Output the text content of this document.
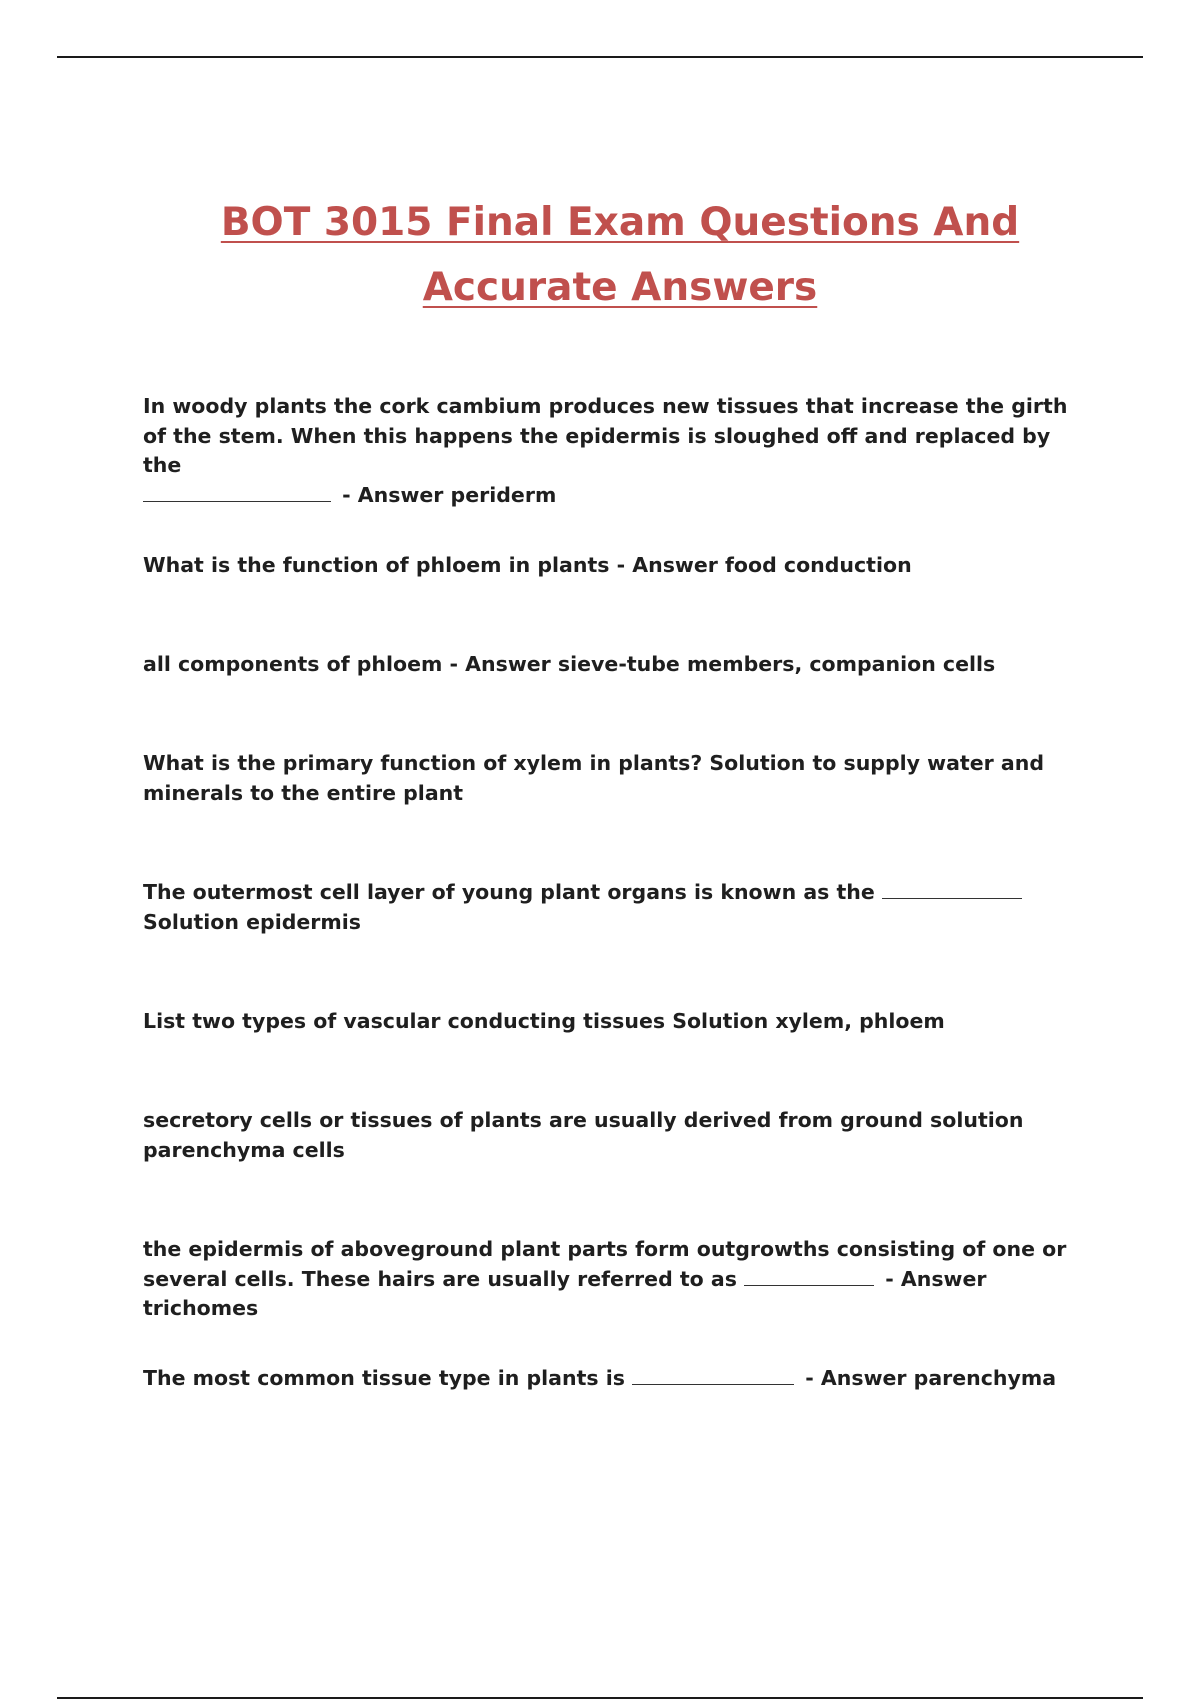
BOT 3015 Final Exam Questions And
Accurate Answers

In woody plants the cork cambium produces new tissues that increase the girth of the stem. When this happens the epidermis is sloughed off and replaced by the
- Answer periderm

What is the function of phloem in plants - Answer food conduction

all components of phloem - Answer sieve-tube members, companion cells

What is the primary function of xylem in plants? Solution to supply water and minerals to the entire plant

The outermost cell layer of young plant organs is known as the  Solution epidermis

List two types of vascular conducting tissues Solution xylem, phloem

secretory cells or tissues of plants are usually derived from ground solution parenchyma cells

the epidermis of aboveground plant parts form outgrowths consisting of one or several cells. These hairs are usually referred to as	- Answer trichomes

The most common tissue type in plants is	- Answer parenchyma
